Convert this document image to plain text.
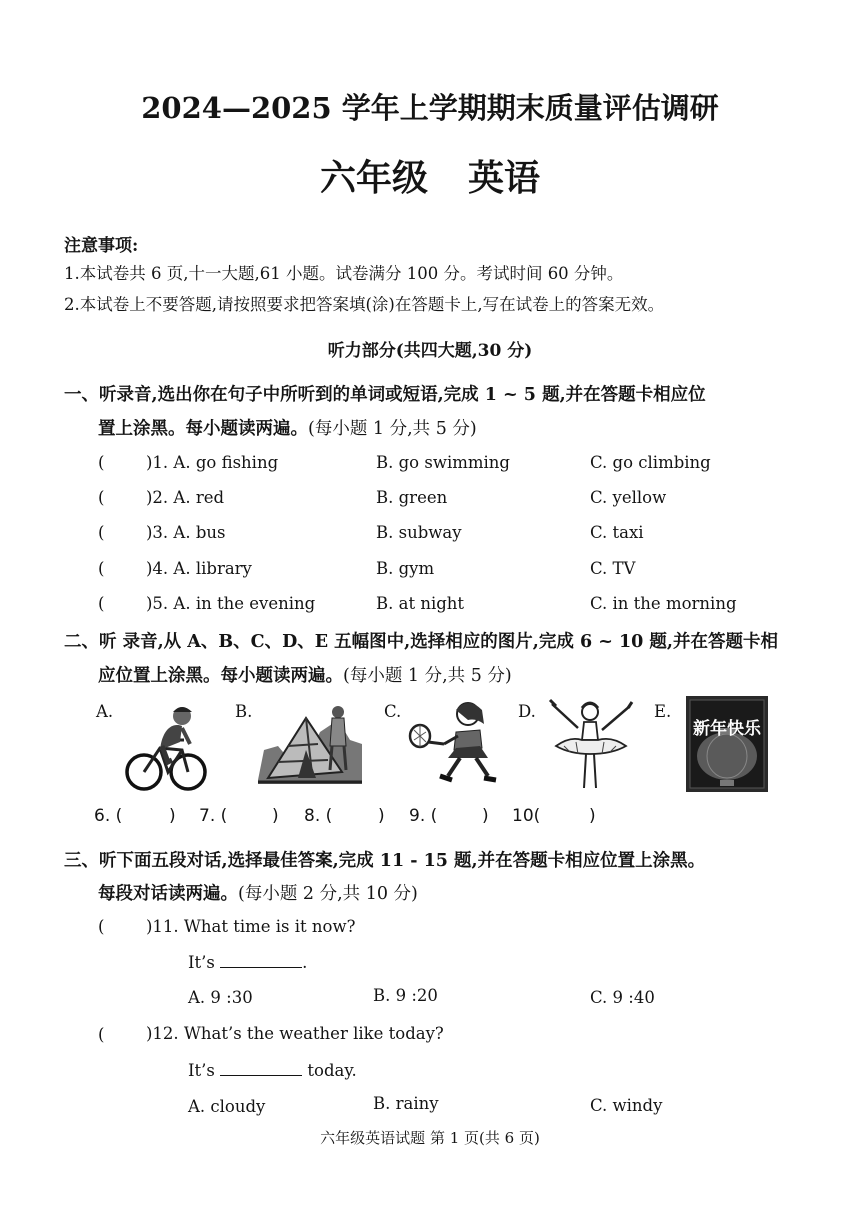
2024—2025 学年上学期期末质量评估调研
六年级 英语
注意事项:
1.本试卷共 6 页,十一大题,61 小题。试卷满分 100 分。考试时间 60 分钟。
2.本试卷上不要答题,请按照要求把答案填(涂)在答题卡上,写在试卷上的答案无效。
听力部分(共四大题,30 分)
一、听录音,选出你在句子中所听到的单词或短语,完成 1 ~ 5 题,并在答题卡相应位
置上涂黑。每小题读两遍。(每小题 1 分,共 5 分)
(	)1. A. go fishing	B. go swimming	C. go climbing
(	)2. A. red	B. green	C. yellow
(	)3. A. bus	B. subway	C. taxi
(	)4. A. library	B. gym	C. TV
(	)5. A. in the evening	B. at night	C. in the morning
二、听 录音,从 A、B、C、D、E 五幅图中,选择相应的图片,完成 6 ~ 10 题,并在答题卡相
应位置上涂黑。每小题读两遍。(每小题 1 分,共 5 分)
A.	B.	C.	D.	E.
新年快乐
6. (	) 7. (	) 8. (	) 9. (	) 10(	)
三、听下面五段对话,选择最佳答案,完成 11 - 15 题,并在答题卡相应位置上涂黑。
每段对话读两遍。(每小题 2 分,共 10 分)
(	)11. What time is it now?
It’s	.
A. 9 :30	B. 9 :20	C. 9 :40
(	)12. What’s the weather like today?
It’s	today.
A. cloudy	B. rainy	C. windy
六年级英语试题 第 1 页(共 6 页)
